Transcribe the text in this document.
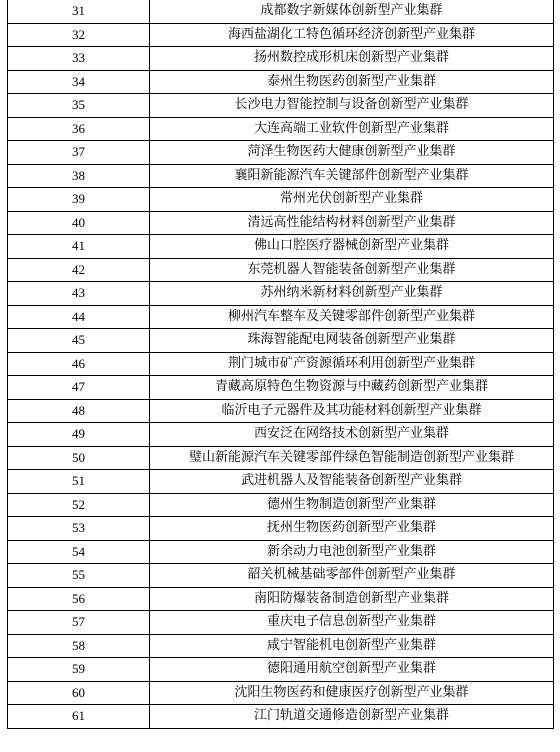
31	成都数字新媒体创新型产业集群
32	海西盐湖化工特色循环经济创新型产业集群
33	扬州数控成形机床创新型产业集群
34	泰州生物医药创新型产业集群
35	长沙电力智能控制与设备创新型产业集群
36	大连高端工业软件创新型产业集群
37	菏泽生物医药大健康创新型产业集群
38	襄阳新能源汽车关键部件创新型产业集群
39	常州光伏创新型产业集群
40	清远高性能结构材料创新型产业集群
41	佛山口腔医疗器械创新型产业集群
42	东莞机器人智能装备创新型产业集群
43	苏州纳米新材料创新型产业集群
44	柳州汽车整车及关键零部件创新型产业集群
45	珠海智能配电网装备创新型产业集群
46	荆门城市矿产资源循环利用创新型产业集群
47	青藏高原特色生物资源与中藏药创新型产业集群
48	临沂电子元器件及其功能材料创新型产业集群
49	西安泛在网络技术创新型产业集群
50	璧山新能源汽车关键零部件绿色智能制造创新型产业集群
51	武进机器人及智能装备创新型产业集群
52	德州生物制造创新型产业集群
53	抚州生物医药创新型产业集群
54	新余动力电池创新型产业集群
55	韶关机械基础零部件创新型产业集群
56	南阳防爆装备制造创新型产业集群
57	重庆电子信息创新型产业集群
58	咸宁智能机电创新型产业集群
59	德阳通用航空创新型产业集群
60	沈阳生物医药和健康医疗创新型产业集群
61	江门轨道交通修造创新型产业集群
